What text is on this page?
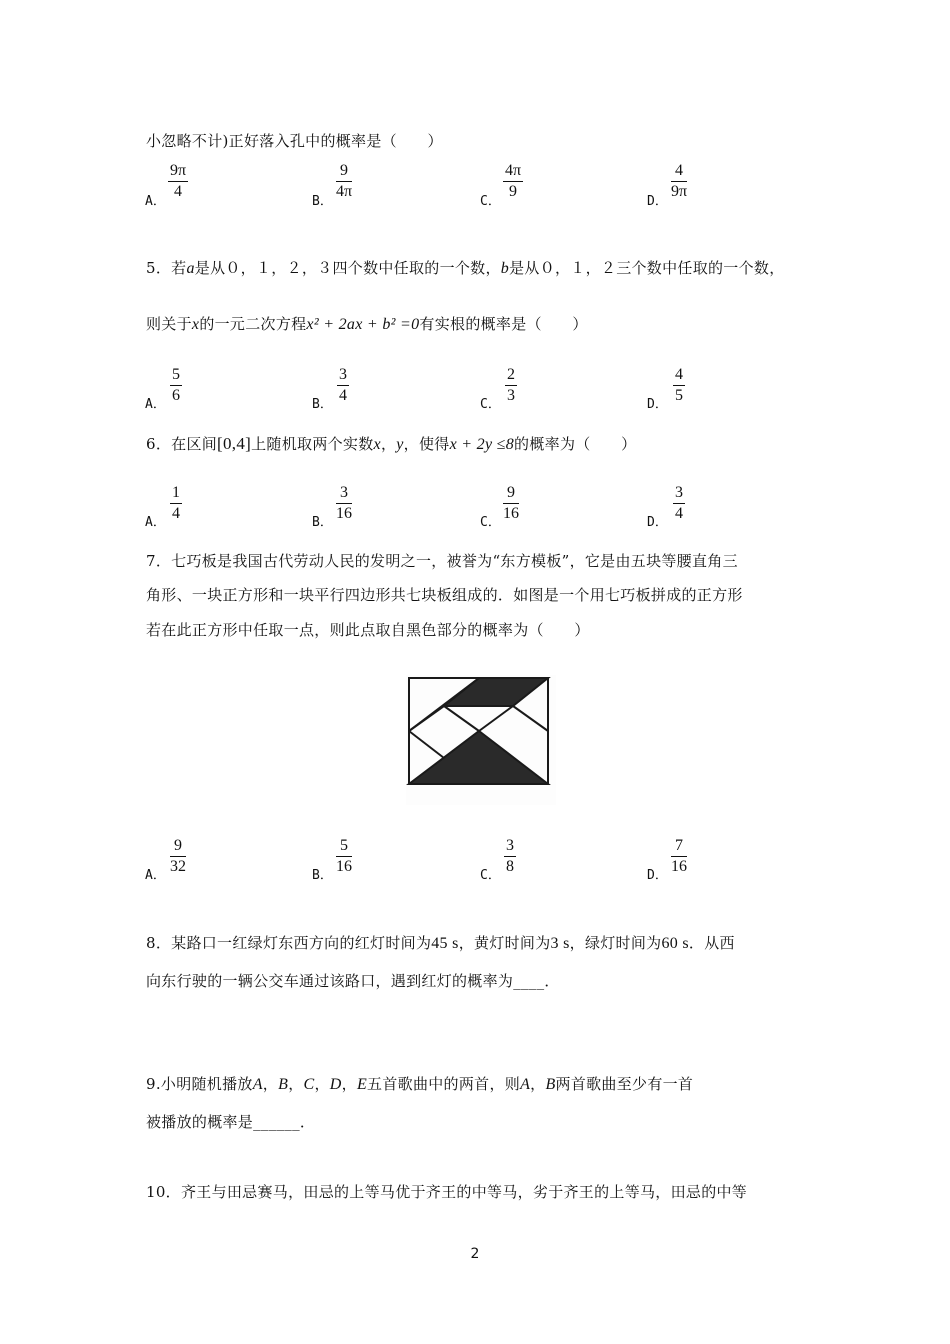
小忽略不计)正好落入孔中的概率是（　　）
A． $\frac{9\pi}{4}$	B． $\frac{9}{4\pi}$	C． $\frac{4\pi}{9}$	D． $\frac{4}{9\pi}$
5．若a是从０，１，２，３四个数中任取的一个数，b是从０，１，２三个数中任取的一个数，
则关于x的一元二次方程x² + 2ax + b² =0有实根的概率是（　　）
A． $\frac{5}{6}$	B． $\frac{3}{4}$	C． $\frac{2}{3}$	D． $\frac{4}{5}$
6．在区间[0,4]上随机取两个实数x，y，使得x + 2y ≤8的概率为（　　）
A． $\frac{1}{4}$	B． $\frac{3}{16}$	C． $\frac{9}{16}$	D． $\frac{3}{4}$
7．七巧板是我国古代劳动人民的发明之一，被誉为“东方模板”，它是由五块等腰直角三
角形、一块正方形和一块平行四边形共七块板组成的．如图是一个用七巧板拼成的正方形
若在此正方形中任取一点，则此点取自黑色部分的概率为（　　）
A． $\frac{9}{32}$	B． $\frac{5}{16}$	C． $\frac{3}{8}$	D． $\frac{7}{16}$
8．某路口一红绿灯东西方向的红灯时间为45 s，黄灯时间为3 s，绿灯时间为60 s．从西
向东行驶的一辆公交车通过该路口，遇到红灯的概率为____．
9.小明随机播放A，B，C，D，E五首歌曲中的两首，则A，B两首歌曲至少有一首
被播放的概率是______．
10．齐王与田忌赛马，田忌的上等马优于齐王的中等马，劣于齐王的上等马，田忌的中等
2
